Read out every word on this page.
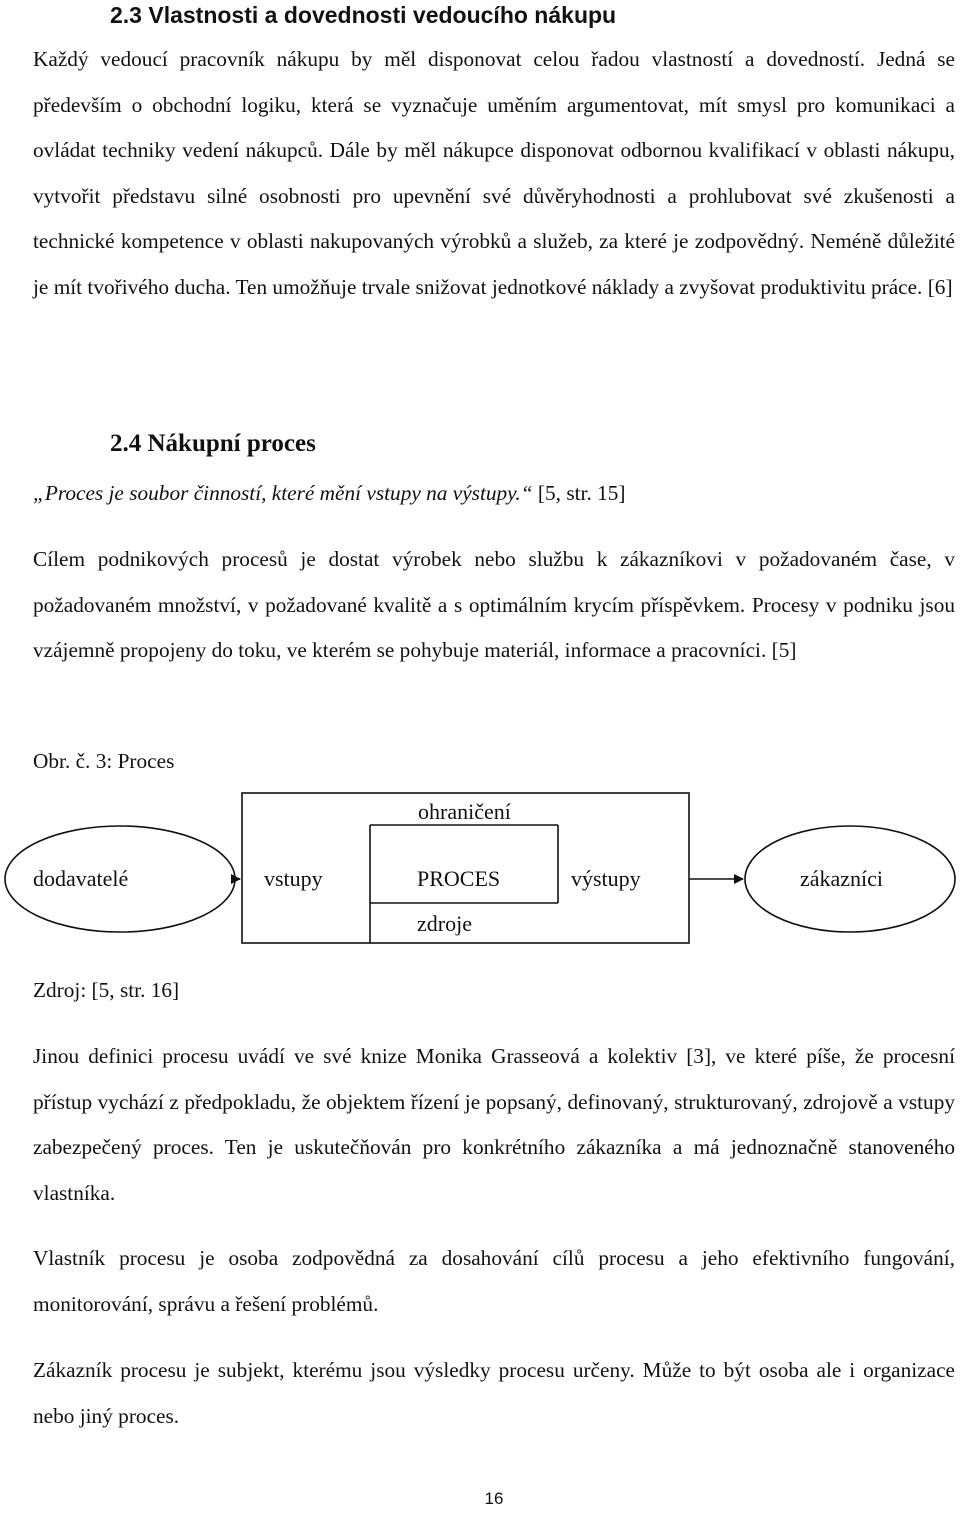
2.3 Vlastnosti a dovednosti vedoucího nákupu

Každý vedoucí pracovník nákupu by měl disponovat celou řadou vlastností a dovedností. Jedná se především o obchodní logiku, která se vyznačuje uměním argumentovat, mít smysl pro komunikaci a ovládat techniky vedení nákupců. Dále by měl nákupce disponovat odbornou kvalifikací v oblasti nákupu, vytvořit představu silné osobnosti pro upevnění své důvěryhodnosti a prohlubovat své zkušenosti a technické kompetence v oblasti nakupovaných výrobků a služeb, za které je zodpovědný. Neméně důležité je mít tvořivého ducha. Ten umožňuje trvale snižovat jednotkové náklady a zvyšovat produktivitu práce. [6]

2.4 Nákupní proces
„Proces je soubor činností, které mění vstupy na výstupy.“ [5, str. 15]

Cílem podnikových procesů je dostat výrobek nebo službu k zákazníkovi v požadovaném čase, v požadovaném množství, v požadované kvalitě a s optimálním krycím příspěvkem. Procesy v podniku jsou vzájemně propojeny do toku, ve kterém se pohybuje materiál, informace a pracovníci. [5]

Obr. č. 3: Proces
ohraničení
dodavatelé	vstupy	PROCES	výstupy	zákazníci
zdroje
Zdroj: [5, str. 16]

Jinou definici procesu uvádí ve své knize Monika Grasseová a kolektiv [3], ve které píše, že procesní přístup vychází z předpokladu, že objektem řízení je popsaný, definovaný, strukturovaný, zdrojově a vstupy zabezpečený proces. Ten je uskutečňován pro konkrétního zákazníka a má jednoznačně stanoveného vlastníka.

Vlastník procesu je osoba zodpovědná za dosahování cílů procesu a jeho efektivního fungování, monitorování, správu a řešení problémů.

Zákazník procesu je subjekt, kterému jsou výsledky procesu určeny. Může to být osoba ale i organizace nebo jiný proces.

16
